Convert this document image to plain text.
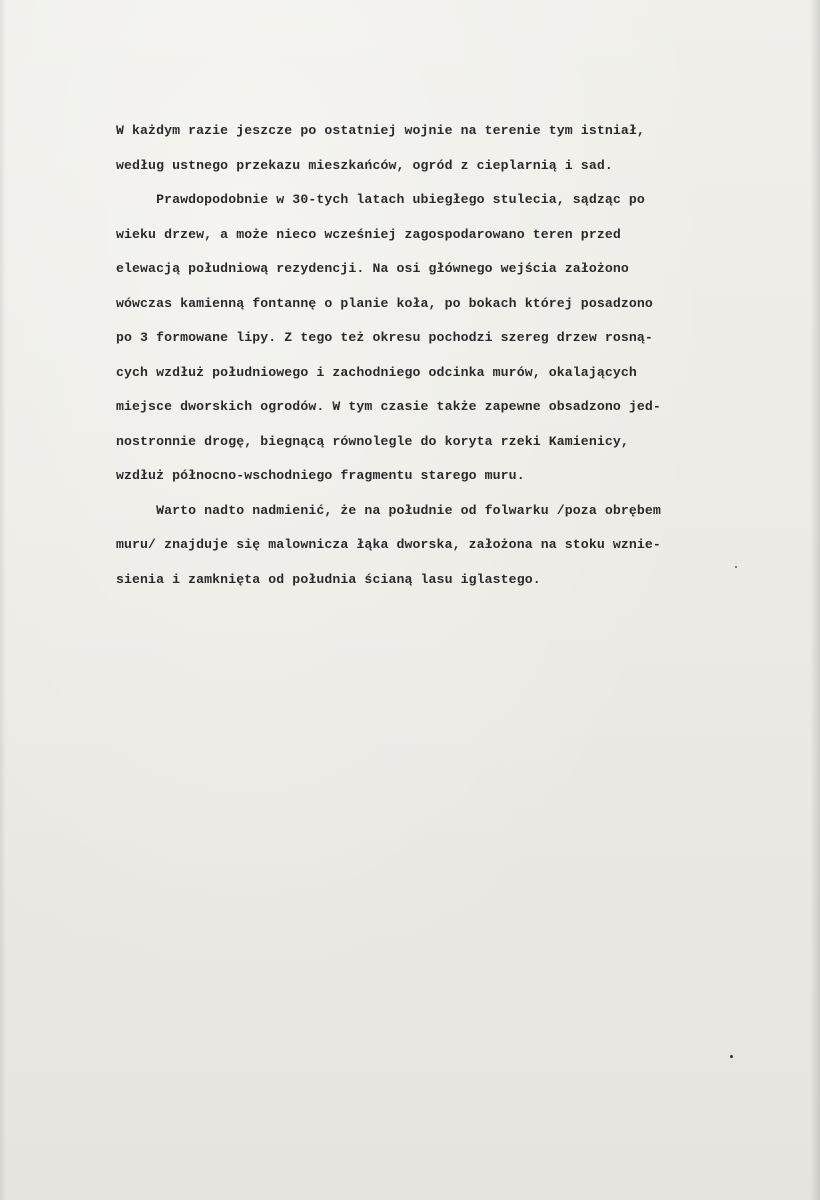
W każdym razie jeszcze po ostatniej wojnie na terenie tym istniał,
według ustnego przekazu mieszkańców, ogród z cieplarnią i sad.
Prawdopodobnie w 30-tych latach ubiegłego stulecia, sądząc po
wieku drzew, a może nieco wcześniej zagospodarowano teren przed
elewacją południową rezydencji. Na osi głównego wejścia założono
wówczas kamienną fontannę o planie koła, po bokach której posadzono
po 3 formowane lipy. Z tego też okresu pochodzi szereg drzew rosną-
cych wzdłuż południowego i zachodniego odcinka murów, okalających
miejsce dworskich ogrodów. W tym czasie także zapewne obsadzono jed-
nostronnie drogę, biegnącą równolegle do koryta rzeki Kamienicy,
wzdłuż północno-wschodniego fragmentu starego muru.
Warto nadto nadmienić, że na południe od folwarku /poza obrębem
muru/ znajduje się malownicza łąka dworska, założona na stoku wznie-
sienia i zamknięta od południa ścianą lasu iglastego.
